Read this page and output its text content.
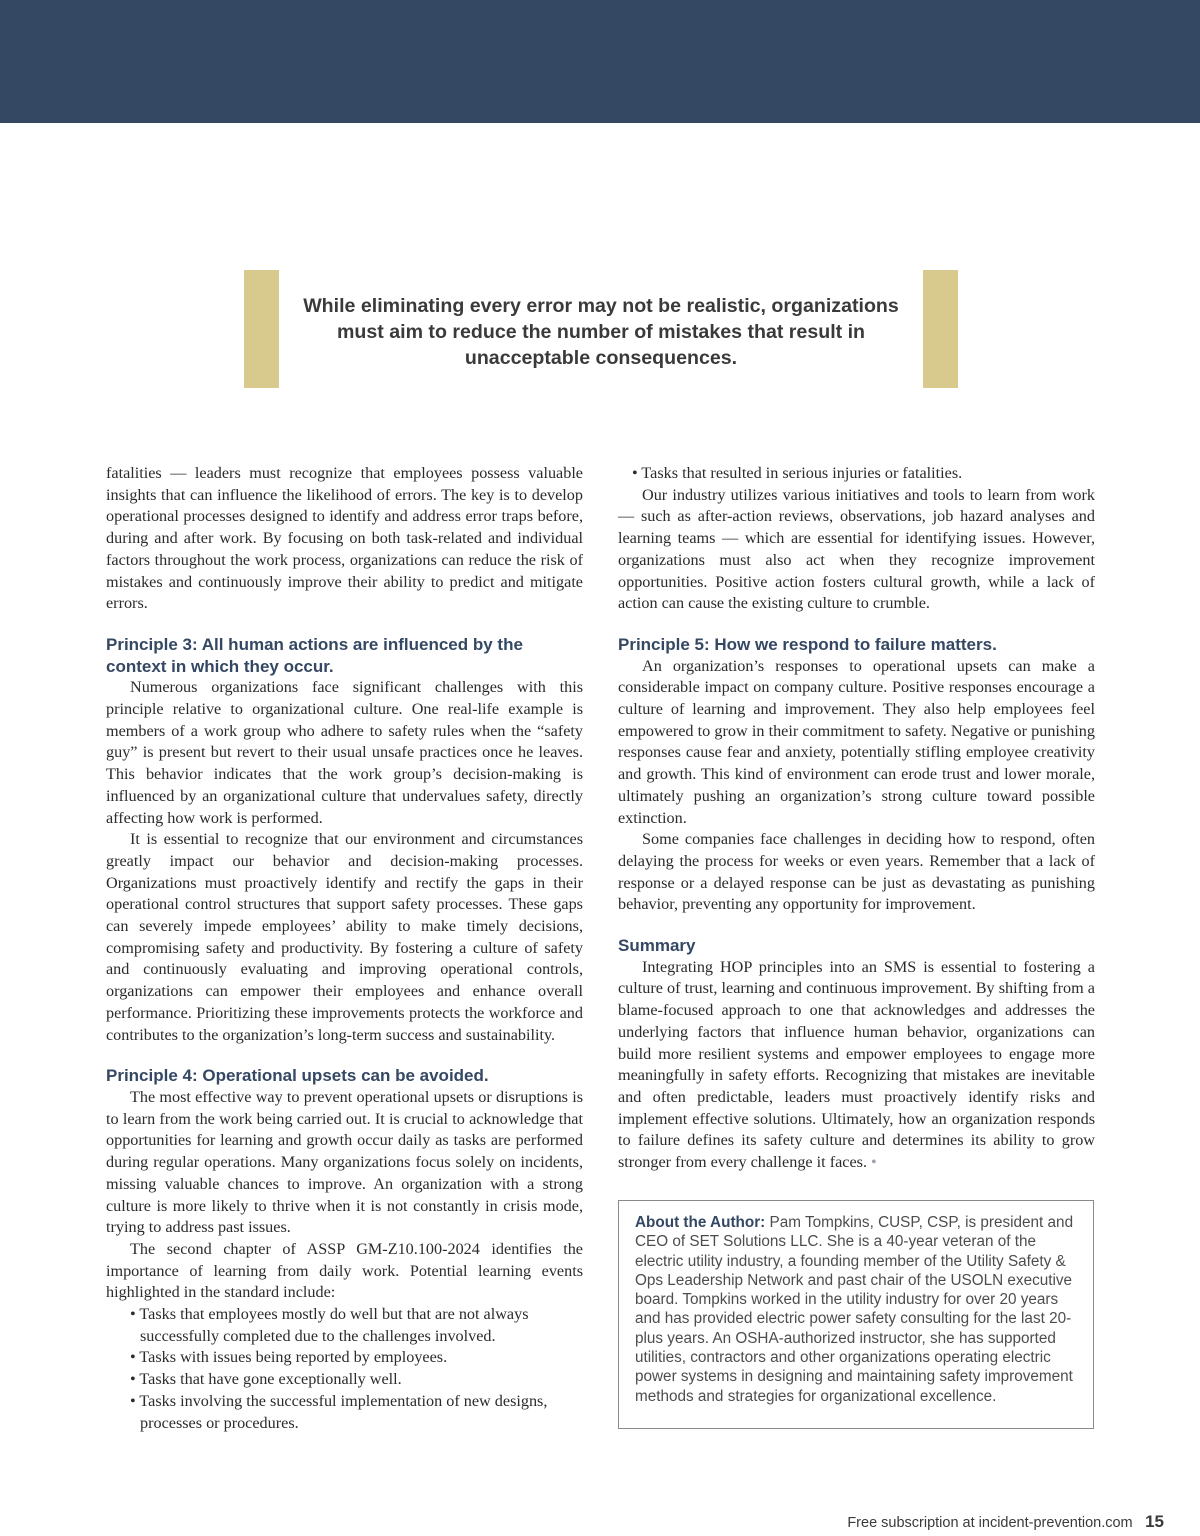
While eliminating every error may not be realistic, organizations must aim to reduce the number of mistakes that result in unacceptable consequences.

fatalities — leaders must recognize that employees possess valuable insights that can influence the likelihood of errors. The key is to develop operational processes designed to identify and address error traps before, during and after work. By focusing on both task-related and individual factors throughout the work process, organizations can reduce the risk of mistakes and continuously improve their ability to predict and mitigate errors.

Principle 3: All human actions are influenced by the context in which they occur.

Numerous organizations face significant challenges with this principle relative to organizational culture. One real-life example is members of a work group who adhere to safety rules when the “safety guy” is present but revert to their usual unsafe practices once he leaves. This behavior indicates that the work group’s decision-making is influenced by an organizational culture that undervalues safety, directly affecting how work is performed.

It is essential to recognize that our environment and circumstances greatly impact our behavior and decision-making processes. Organizations must proactively identify and rectify the gaps in their operational control structures that support safety processes. These gaps can severely impede employees’ ability to make timely decisions, compromising safety and productivity. By fostering a culture of safety and continuously evaluating and improving operational controls, organizations can empower their employees and enhance overall performance. Prioritizing these improvements protects the workforce and contributes to the organization’s long-term success and sustainability.

Principle 4: Operational upsets can be avoided.

The most effective way to prevent operational upsets or disruptions is to learn from the work being carried out. It is crucial to acknowledge that opportunities for learning and growth occur daily as tasks are performed during regular operations. Many organizations focus solely on incidents, missing valuable chances to improve. An organization with a strong culture is more likely to thrive when it is not constantly in crisis mode, trying to address past issues.

The second chapter of ASSP GM-Z10.100-2024 identifies the importance of learning from daily work. Potential learning events highlighted in the standard include:

• Tasks that employees mostly do well but that are not always successfully completed due to the challenges involved.
• Tasks with issues being reported by employees.
• Tasks that have gone exceptionally well.
• Tasks involving the successful implementation of new designs, processes or procedures.
• Tasks that resulted in serious injuries or fatalities.

Our industry utilizes various initiatives and tools to learn from work — such as after-action reviews, observations, job hazard analyses and learning teams — which are essential for identifying issues. However, organizations must also act when they recognize improvement opportunities. Positive action fosters cultural growth, while a lack of action can cause the existing culture to crumble.

Principle 5: How we respond to failure matters.

An organization’s responses to operational upsets can make a considerable impact on company culture. Positive responses encourage a culture of learning and improvement. They also help employees feel empowered to grow in their commitment to safety. Negative or punishing responses cause fear and anxiety, potentially stifling employee creativity and growth. This kind of environment can erode trust and lower morale, ultimately pushing an organization’s strong culture toward possible extinction.

Some companies face challenges in deciding how to respond, often delaying the process for weeks or even years. Remember that a lack of response or a delayed response can be just as devastating as punishing behavior, preventing any opportunity for improvement.

Summary

Integrating HOP principles into an SMS is essential to fostering a culture of trust, learning and continuous improvement. By shifting from a blame-focused approach to one that acknowledges and addresses the underlying factors that influence human behavior, organizations can build more resilient systems and empower employees to engage more meaningfully in safety efforts. Recognizing that mistakes are inevitable and often predictable, leaders must proactively identify risks and implement effective solutions. Ultimately, how an organization responds to failure defines its safety culture and determines its ability to grow stronger from every challenge it faces. •

About the Author: Pam Tompkins, CUSP, CSP, is president and CEO of SET Solutions LLC. She is a 40-year veteran of the electric utility industry, a founding member of the Utility Safety & Ops Leadership Network and past chair of the USOLN executive board. Tompkins worked in the utility industry for over 20 years and has provided electric power safety consulting for the last 20-plus years. An OSHA-authorized instructor, she has supported utilities, contractors and other organizations operating electric power systems in designing and maintaining safety improvement methods and strategies for organizational excellence.
Free subscription at incident-prevention.com 15
